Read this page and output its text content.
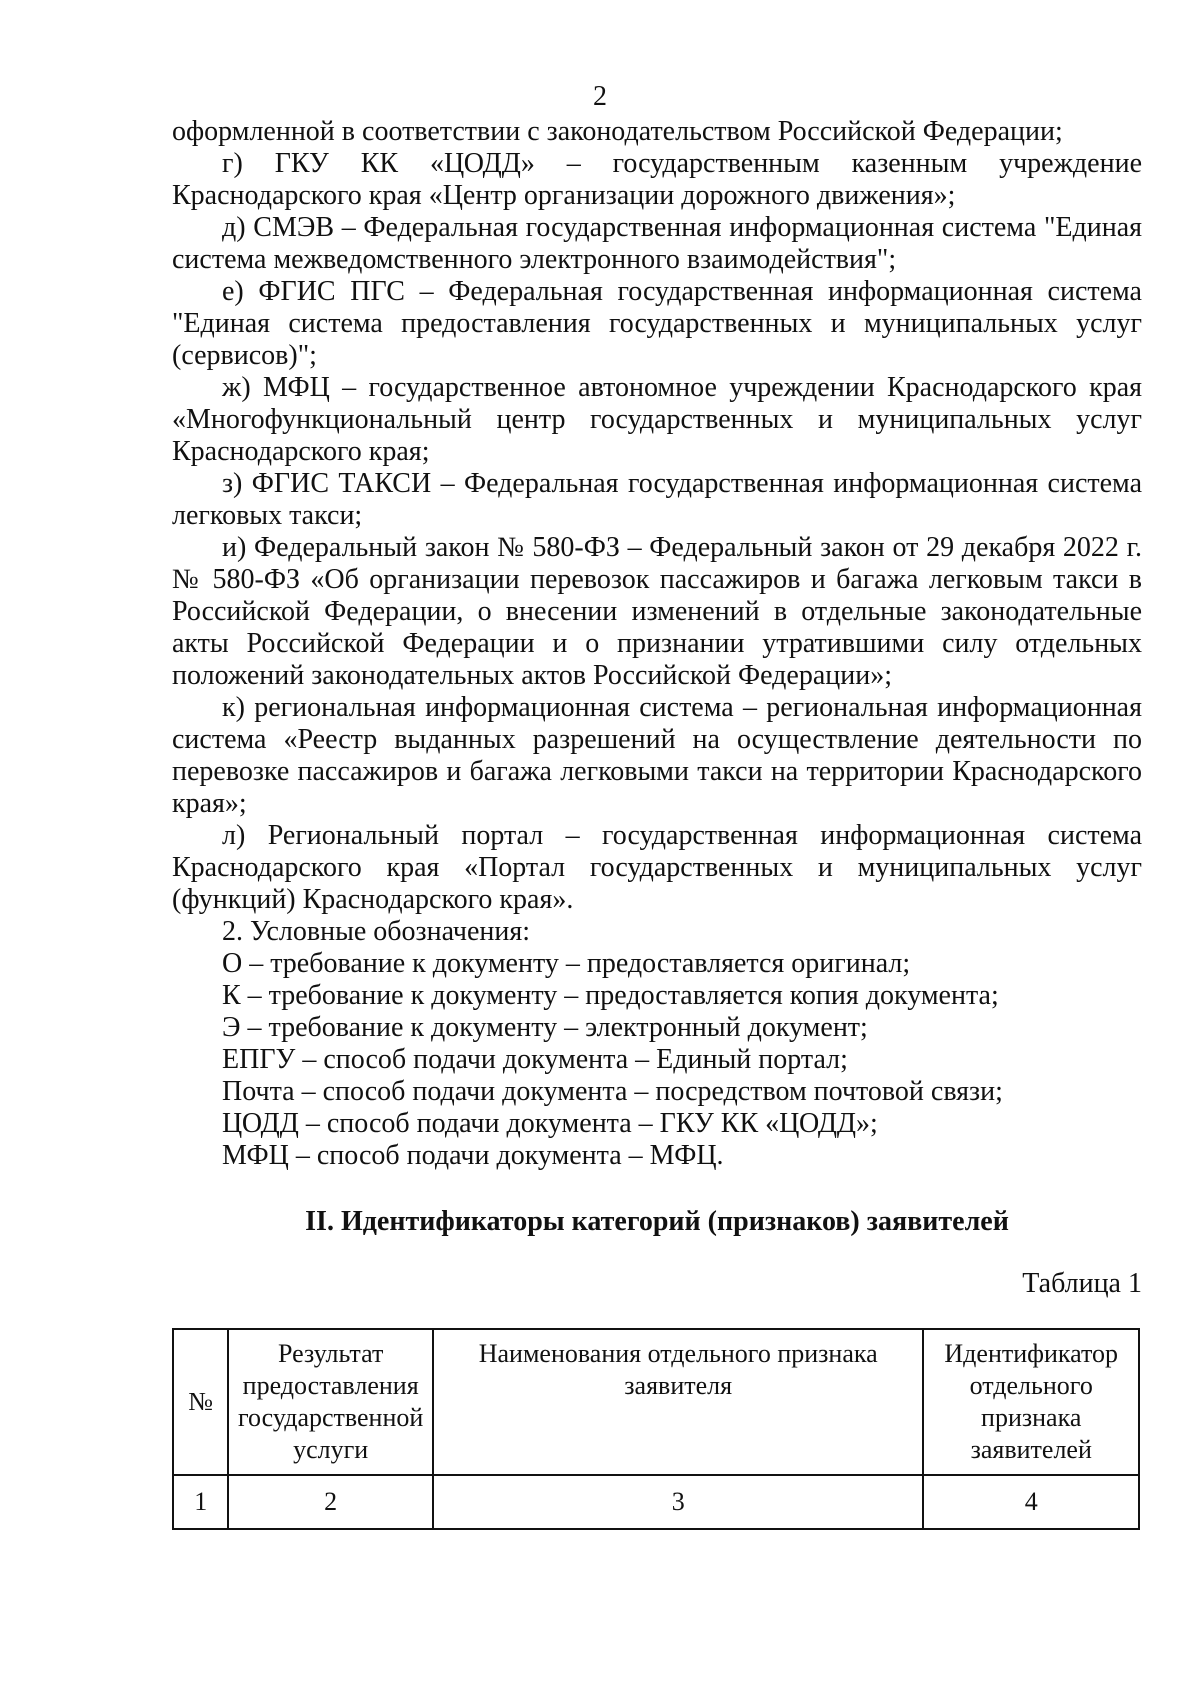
2

оформленной в соответствии с законодательством Российской Федерации;

г) ГКУ КК «ЦОДД» – государственным казенным учреждение Краснодарского края «Центр организации дорожного движения»;

д) СМЭВ – Федеральная государственная информационная система "Единая система межведомственного электронного взаимодействия";

е) ФГИС ПГС – Федеральная государственная информационная система "Единая система предоставления государственных и муниципальных услуг (сервисов)";

ж) МФЦ – государственное автономное учреждении Краснодарского края «Многофункциональный центр государственных и муниципальных услуг Краснодарского края;

з) ФГИС ТАКСИ – Федеральная государственная информационная система легковых такси;

и) Федеральный закон № 580-ФЗ – Федеральный закон от 29 декабря 2022 г. № 580-ФЗ «Об организации перевозок пассажиров и багажа легковым такси в Российской Федерации, о внесении изменений в отдельные законодательные акты Российской Федерации и о признании утратившими силу отдельных положений законодательных актов Российской Федерации»;

к) региональная информационная система – региональная информационная система «Реестр выданных разрешений на осуществление деятельности по перевозке пассажиров и багажа легковыми такси на территории Краснодарского края»;

л) Региональный портал – государственная информационная система Краснодарского края «Портал государственных и муниципальных услуг (функций) Краснодарского края».

2. Условные обозначения:

О – требование к документу – предоставляется оригинал;

К – требование к документу – предоставляется копия документа;

Э – требование к документу – электронный документ;

ЕПГУ – способ подачи документа – Единый портал;

Почта – способ подачи документа – посредством почтовой связи;

ЦОДД – способ подачи документа – ГКУ КК «ЦОДД»;

МФЦ – способ подачи документа – МФЦ.

II. Идентификаторы категорий (признаков) заявителей

Таблица 1

№	Результат предоставления государственной услуги	Наименования отдельного признака заявителя	Идентификатор отдельного признака заявителей
1	2	3	4
